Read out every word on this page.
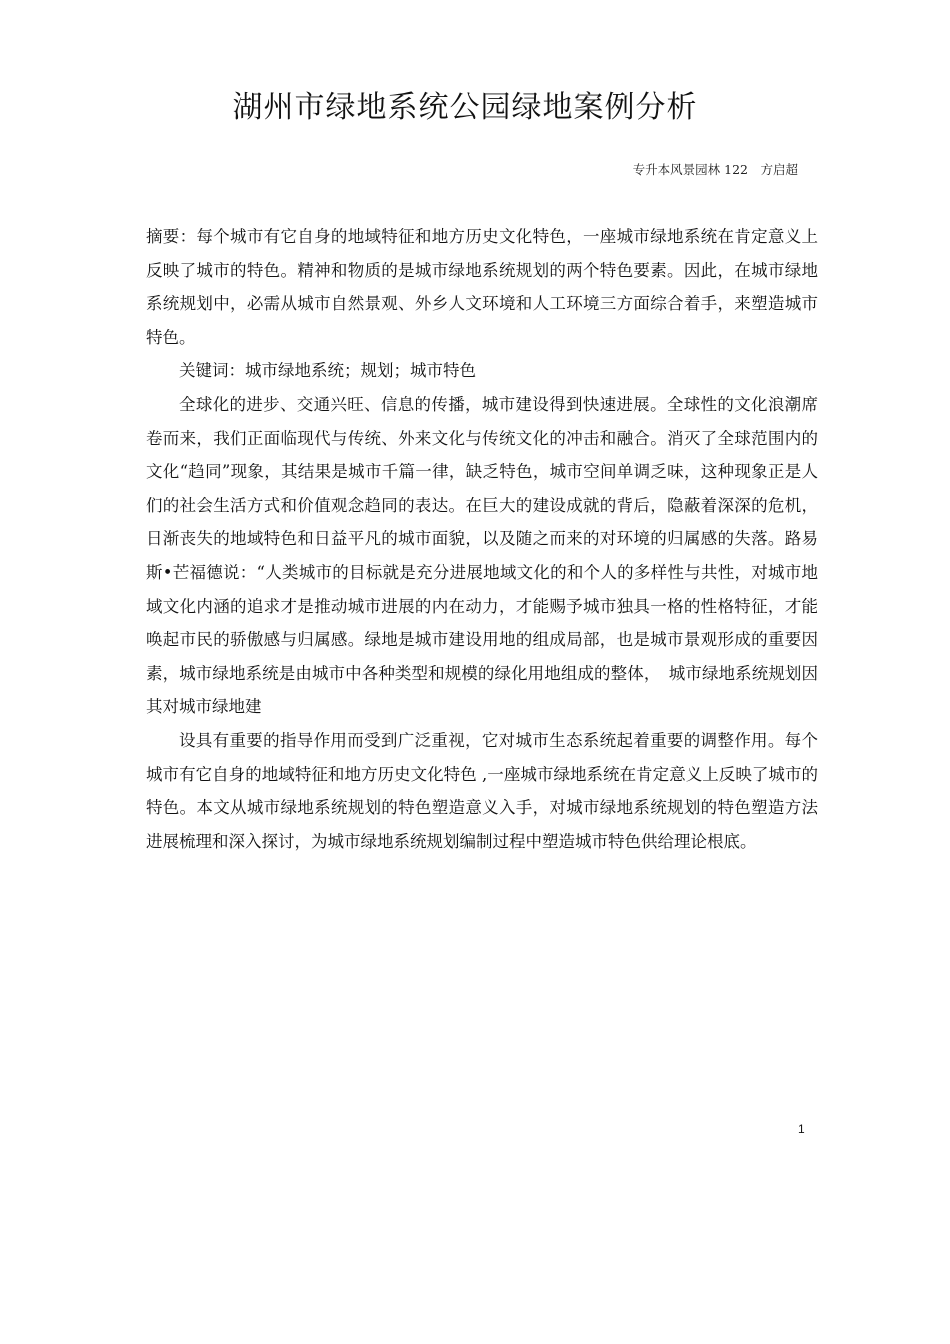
湖州市绿地系统公园绿地案例分析
专升本风景园林 122　方启超

摘要：每个城市有它自身的地域特征和地方历史文化特色，一座城市绿地系统在肯定意义上反映了城市的特色。精神和物质的是城市绿地系统规划的两个特色要素。因此，在城市绿地系统规划中，必需从城市自然景观、外乡人文环境和人工环境三方面综合着手，来塑造城市特色。

关键词：城市绿地系统；规划；城市特色

全球化的进步、交通兴旺、信息的传播，城市建设得到快速进展。全球性的文化浪潮席卷而来，我们正面临现代与传统、外来文化与传统文化的冲击和融合。消灭了全球范围内的文化“趋同”现象，其结果是城市千篇一律，缺乏特色，城市空间单调乏味，这种现象正是人们的社会生活方式和价值观念趋同的表达。在巨大的建设成就的背后，隐蔽着深深的危机，日渐丧失的地域特色和日益平凡的城市面貌，以及随之而来的对环境的归属感的失落。路易斯•芒福德说：“人类城市的目标就是充分进展地域文化的和个人的多样性与共性，对城市地域文化内涵的追求才是推动城市进展的内在动力，才能赐予城市独具一格的性格特征，才能唤起市民的骄傲感与归属感。绿地是城市建设用地的组成局部，也是城市景观形成的重要因素，城市绿地系统是由城市中各种类型和规模的绿化用地组成的整体，　城市绿地系统规划因其对城市绿地建

设具有重要的指导作用而受到广泛重视，它对城市生态系统起着重要的调整作用。每个城市有它自身的地域特征和地方历史文化特色 ,一座城市绿地系统在肯定意义上反映了城市的特色。本文从城市绿地系统规划的特色塑造意义入手，对城市绿地系统规划的特色塑造方法进展梳理和深入探讨，为城市绿地系统规划编制过程中塑造城市特色供给理论根底。

1
